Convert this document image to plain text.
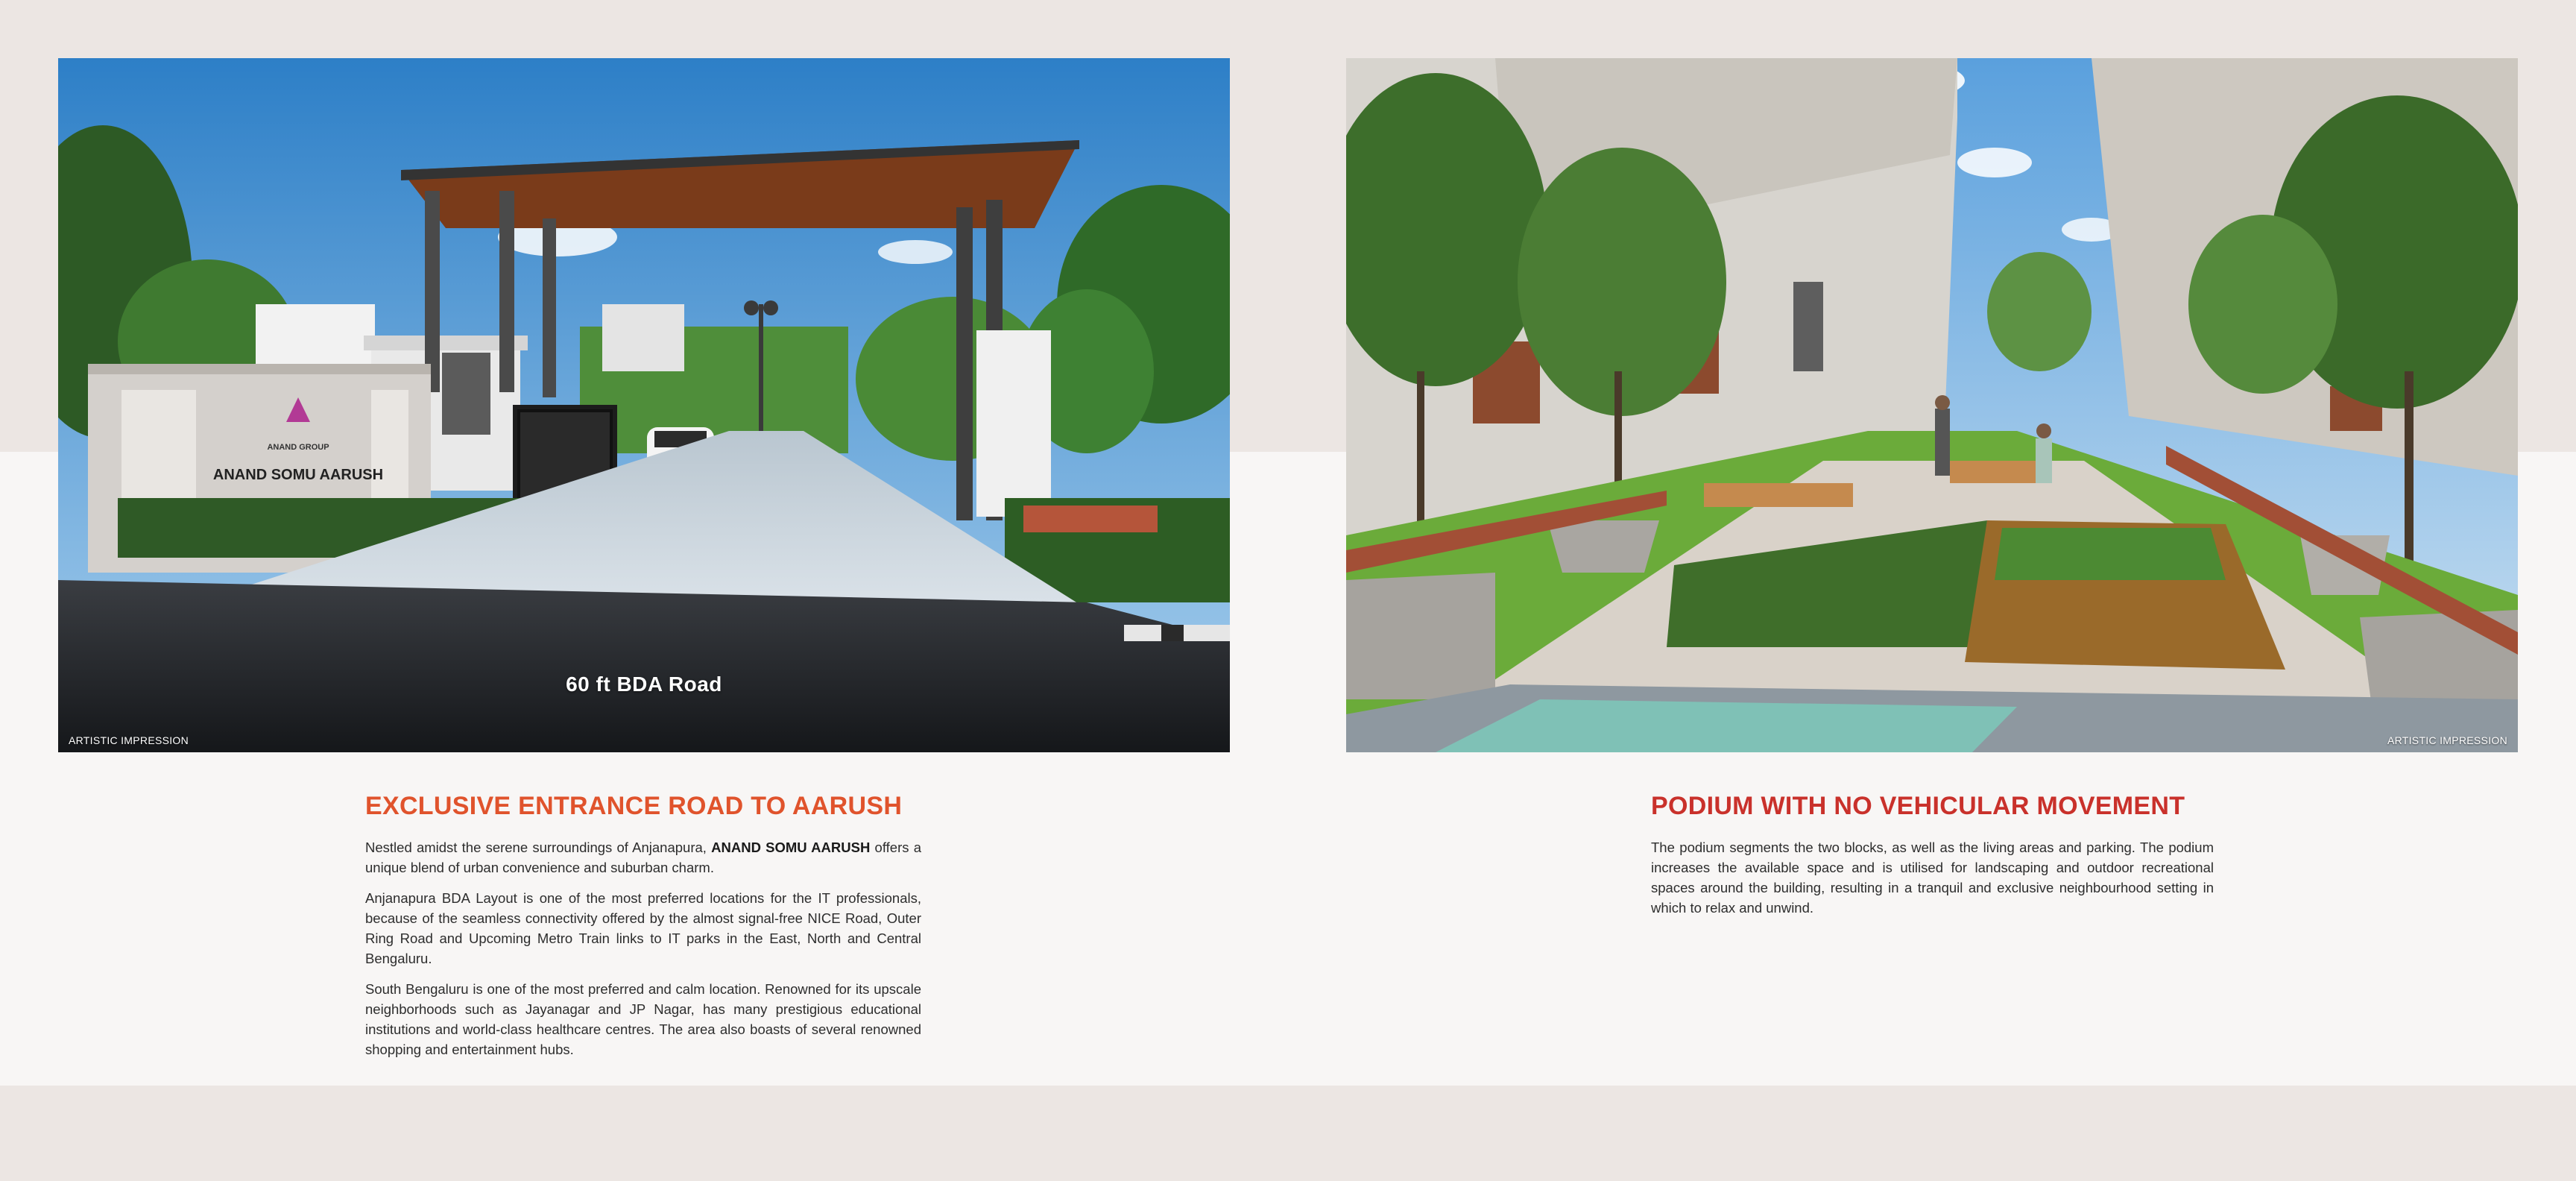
ANAND GROUP
ANAND SOMU AARUSH
60 ft BDA Road
ARTISTIC IMPRESSION	ARTISTIC IMPRESSION
EXCLUSIVE ENTRANCE ROAD TO AARUSH

Nestled amidst the serene surroundings of Anjanapura, ANAND SOMU AARUSH offers a unique blend of urban convenience and suburban charm.

Anjanapura BDA Layout is one of the most preferred locations for the IT professionals, because of the seamless connectivity offered by the almost signal-free NICE Road, Outer Ring Road and Upcoming Metro Train links to IT parks in the East, North and Central Bengaluru.

South Bengaluru is one of the most preferred and calm location. Renowned for its upscale neighborhoods such as Jayanagar and JP Nagar, has many prestigious educational institutions and world-class healthcare centres. The area also boasts of several renowned shopping and entertainment hubs.

PODIUM WITH NO VEHICULAR MOVEMENT

The podium segments the two blocks, as well as the living areas and parking. The podium increases the available space and is utilised for landscaping and outdoor recreational spaces around the building, resulting in a tranquil and exclusive neighbourhood setting in which to relax and unwind.
